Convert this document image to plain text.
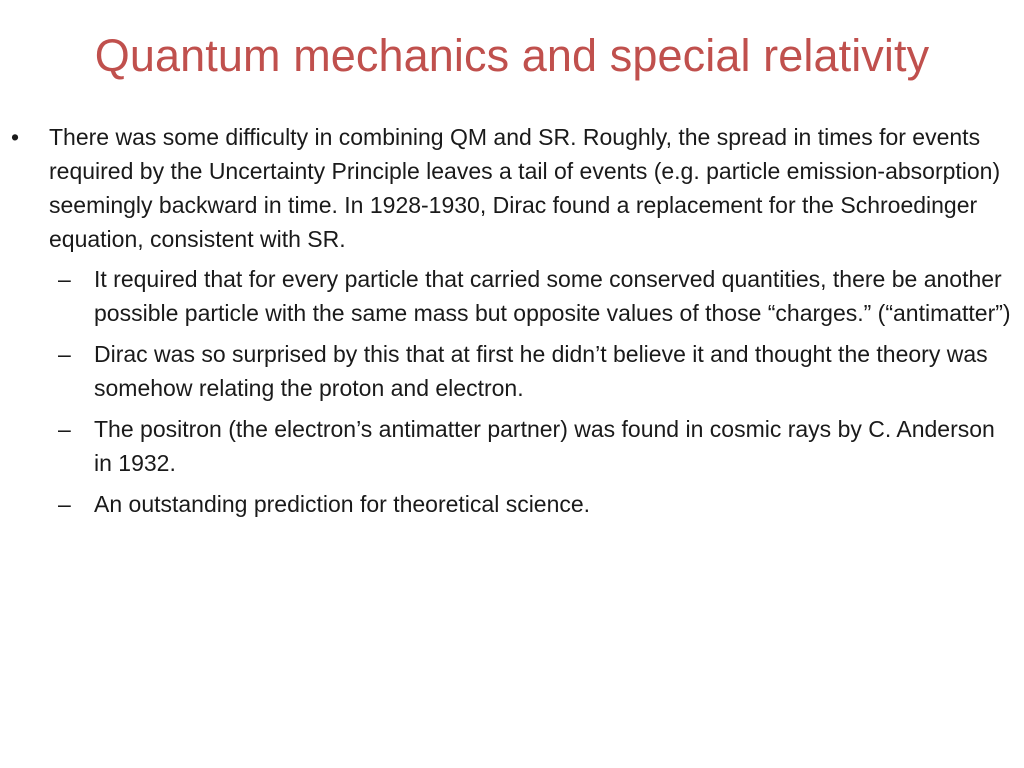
Quantum mechanics and special relativity
•	There was some difficulty in combining QM and SR. Roughly, the spread in times for events required by the Uncertainty Principle leaves a tail of events (e.g. particle emission-absorption) seemingly backward in time. In 1928-1930, Dirac found a replacement for the Schroedinger equation, consistent with SR.
–	It required that for every particle that carried some conserved quantities, there be another possible particle with the same mass but opposite values of those “charges.” (“antimatter”)
–	Dirac was so surprised by this that at first he didn’t believe it and thought the theory was somehow relating the proton and electron.
–	The positron (the electron’s antimatter partner) was found in cosmic rays by C. Anderson in 1932.
–	An outstanding prediction for theoretical science.
